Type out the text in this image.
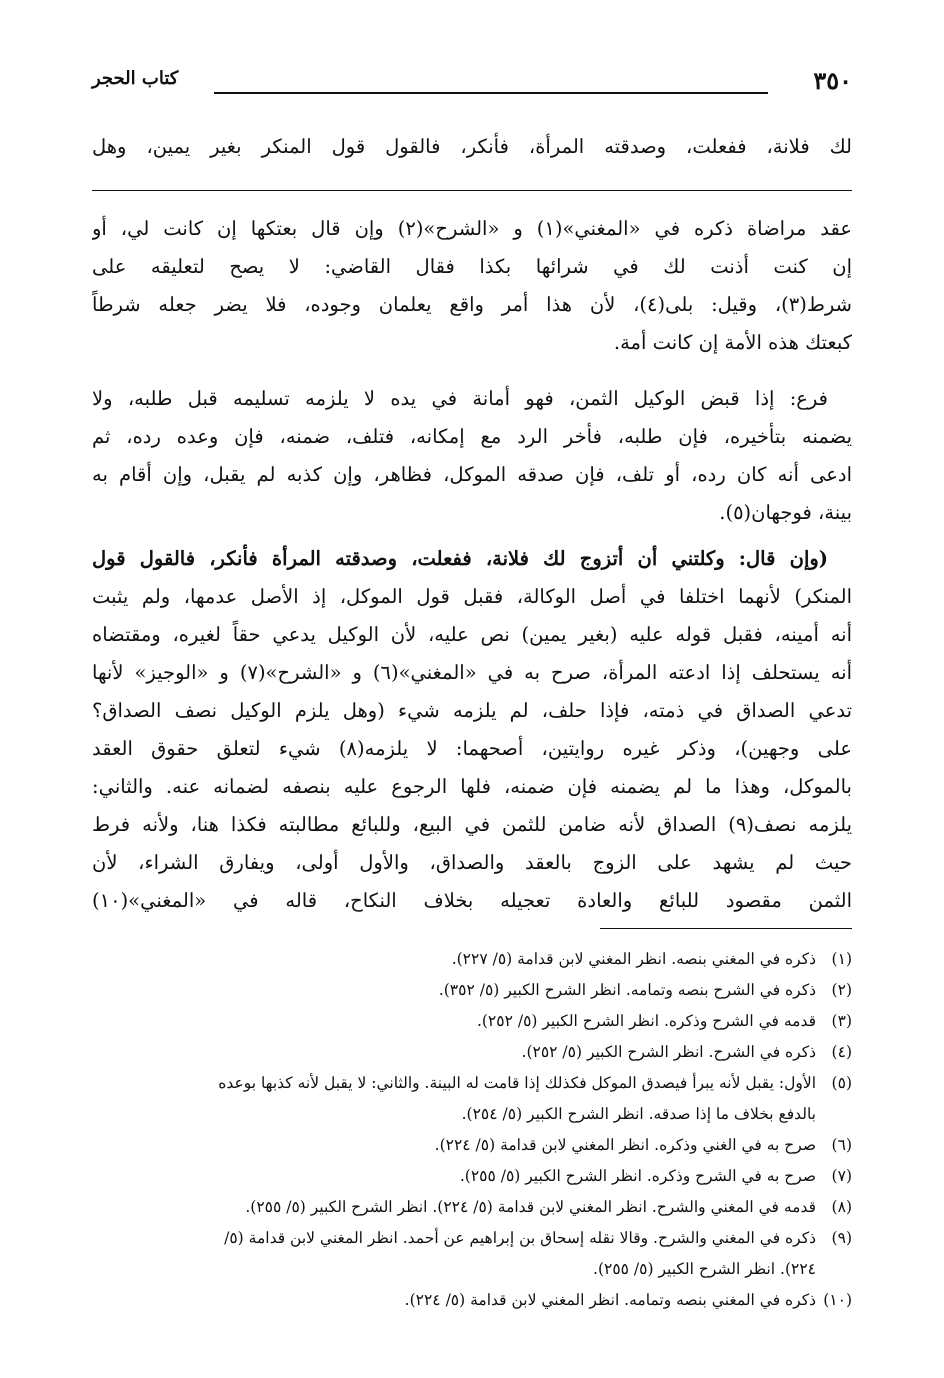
٣٥٠
كتاب الحجر
لك فلانة، ففعلت، وصدقته المرأة، فأنكر، فالقول قول المنكر بغير يمين، وهل
عقد مراضاة ذكره في «المغني»(١) و «الشرح»(٢) وإن قال بعتكها إن كانت لي، أو
إن كنت أذنت لك في شرائها بكذا فقال القاضي: لا يصح لتعليقه على
شرط(٣)، وقيل: بلى(٤)، لأن هذا أمر واقع يعلمان وجوده، فلا يضر جعله شرطاً
كبعتك هذه الأمة إن كانت أمة.
فرع: إذا قبض الوكيل الثمن، فهو أمانة في يده لا يلزمه تسليمه قبل طلبه، ولا
يضمنه بتأخيره، فإن طلبه، فأخر الرد مع إمكانه، فتلف، ضمنه، فإن وعده رده، ثم
ادعى أنه كان رده، أو تلف، فإن صدقه الموكل، فظاهر، وإن كذبه لم يقبل، وإن أقام به
بينة، فوجهان(٥).
(وإن قال: وكلتني أن أتزوج لك فلانة، ففعلت، وصدقته المرأة فأنكر، فالقول قول
المنكر) لأنهما اختلفا في أصل الوكالة، فقبل قول الموكل، إذ الأصل عدمها، ولم يثبت
أنه أمينه، فقبل قوله عليه (بغير يمين) نص عليه، لأن الوكيل يدعي حقاً لغيره، ومقتضاه
أنه يستحلف إذا ادعته المرأة، صرح به في «المغني»(٦) و «الشرح»(٧) و «الوجيز» لأنها
تدعي الصداق في ذمته، فإذا حلف، لم يلزمه شيء (وهل يلزم الوكيل نصف الصداق؟
على وجهين)، وذكر غيره روايتين، أصحهما: لا يلزمه(٨) شيء لتعلق حقوق العقد
بالموكل، وهذا ما لم يضمنه فإن ضمنه، فلها الرجوع عليه بنصفه لضمانه عنه. والثاني:
يلزمه نصف(٩) الصداق لأنه ضامن للثمن في البيع، وللبائع مطالبته فكذا هنا، ولأنه فرط
حيث لم يشهد على الزوج بالعقد والصداق، والأول أولى، ويفارق الشراء، لأن
الثمن مقصود للبائع والعادة تعجيله بخلاف النكاح، قاله في «المغني»(١٠)
(١)ذكره في المغني بنصه. انظر المغني لابن قدامة (٥/ ٢٢٧).
(٢)ذكره في الشرح بنصه وتمامه. انظر الشرح الكبير (٥/ ٣٥٢).
(٣)قدمه في الشرح وذكره. انظر الشرح الكبير (٥/ ٢٥٢).
(٤)ذكره في الشرح. انظر الشرح الكبير (٥/ ٢٥٢).
(٥)الأول: يقبل لأنه يبرأ فيصدق الموكل فكذلك إذا قامت له البينة. والثاني: لا يقبل لأنه كذبها بوعده
بالدفع بخلاف ما إذا صدقه. انظر الشرح الكبير (٥/ ٢٥٤).
(٦)صرح به في الغني وذكره. انظر المغني لابن قدامة (٥/ ٢٢٤).
(٧)صرح به في الشرح وذكره. انظر الشرح الكبير (٥/ ٢٥٥).
(٨)قدمه في المغني والشرح. انظر المغني لابن قدامة (٥/ ٢٢٤). انظر الشرح الكبير (٥/ ٢٥٥).
(٩)ذكره في المغني والشرح. وقالا نقله إسحاق بن إبراهيم عن أحمد. انظر المغني لابن قدامة (٥/
٢٢٤). انظر الشرح الكبير (٥/ ٢٥٥).
(١٠)ذكره في المغني بنصه وتمامه. انظر المغني لابن قدامة (٥/ ٢٢٤).
